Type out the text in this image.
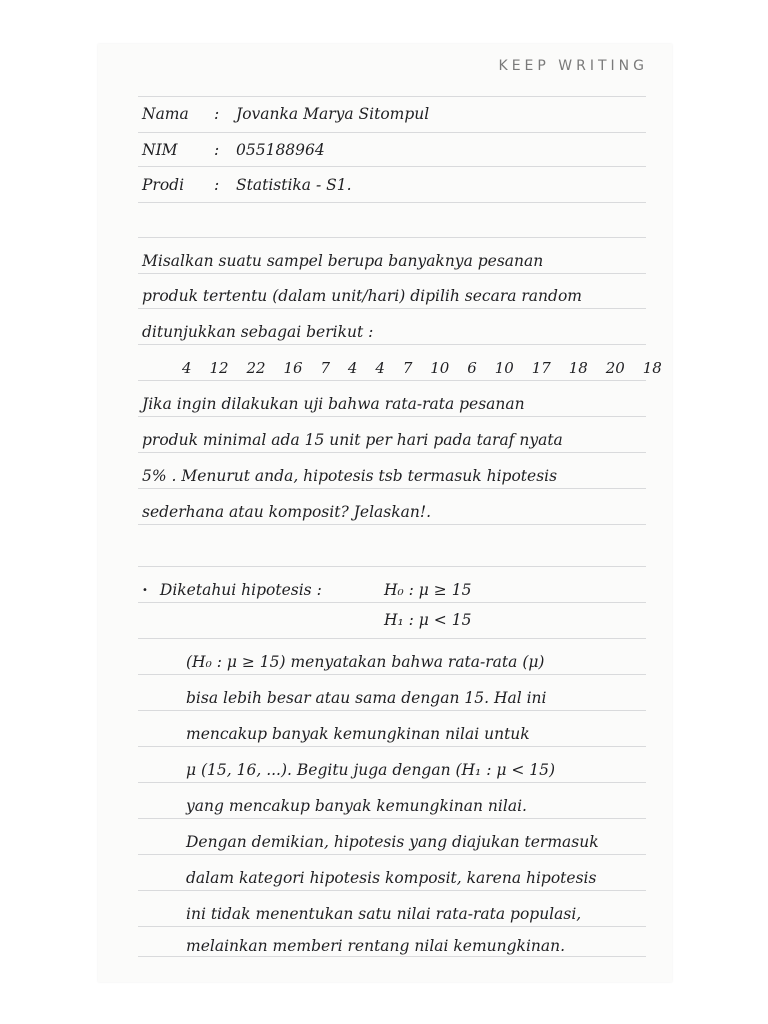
KEEP WRITING
Nama : Jovanka Marya Sitompul
NIM : 055188964
Prodi : Statistika - S1.
Misalkan suatu sampel berupa banyaknya pesanan
produk tertentu (dalam unit/hari) dipilih secara random
ditunjukkan sebagai berikut :
4 12 22 16 7 4 4 7 10 6 10 17 18 20 18
Jika ingin dilakukan uji bahwa rata-rata pesanan
produk minimal ada 15 unit per hari pada taraf nyata
5% . Menurut anda, hipotesis tsb termasuk hipotesis
sederhana atau komposit? Jelaskan!.
• Diketahui hipotesis :	H₀ : μ ≥ 15
H₁ : μ < 15
(H₀ : μ ≥ 15) menyatakan bahwa rata-rata (μ)
bisa lebih besar atau sama dengan 15. Hal ini
mencakup banyak kemungkinan nilai untuk
μ (15, 16, ...). Begitu juga dengan (H₁ : μ < 15)
yang mencakup banyak kemungkinan nilai.
Dengan demikian, hipotesis yang diajukan termasuk
dalam kategori hipotesis komposit, karena hipotesis
ini tidak menentukan satu nilai rata-rata populasi,
melainkan memberi rentang nilai kemungkinan.
